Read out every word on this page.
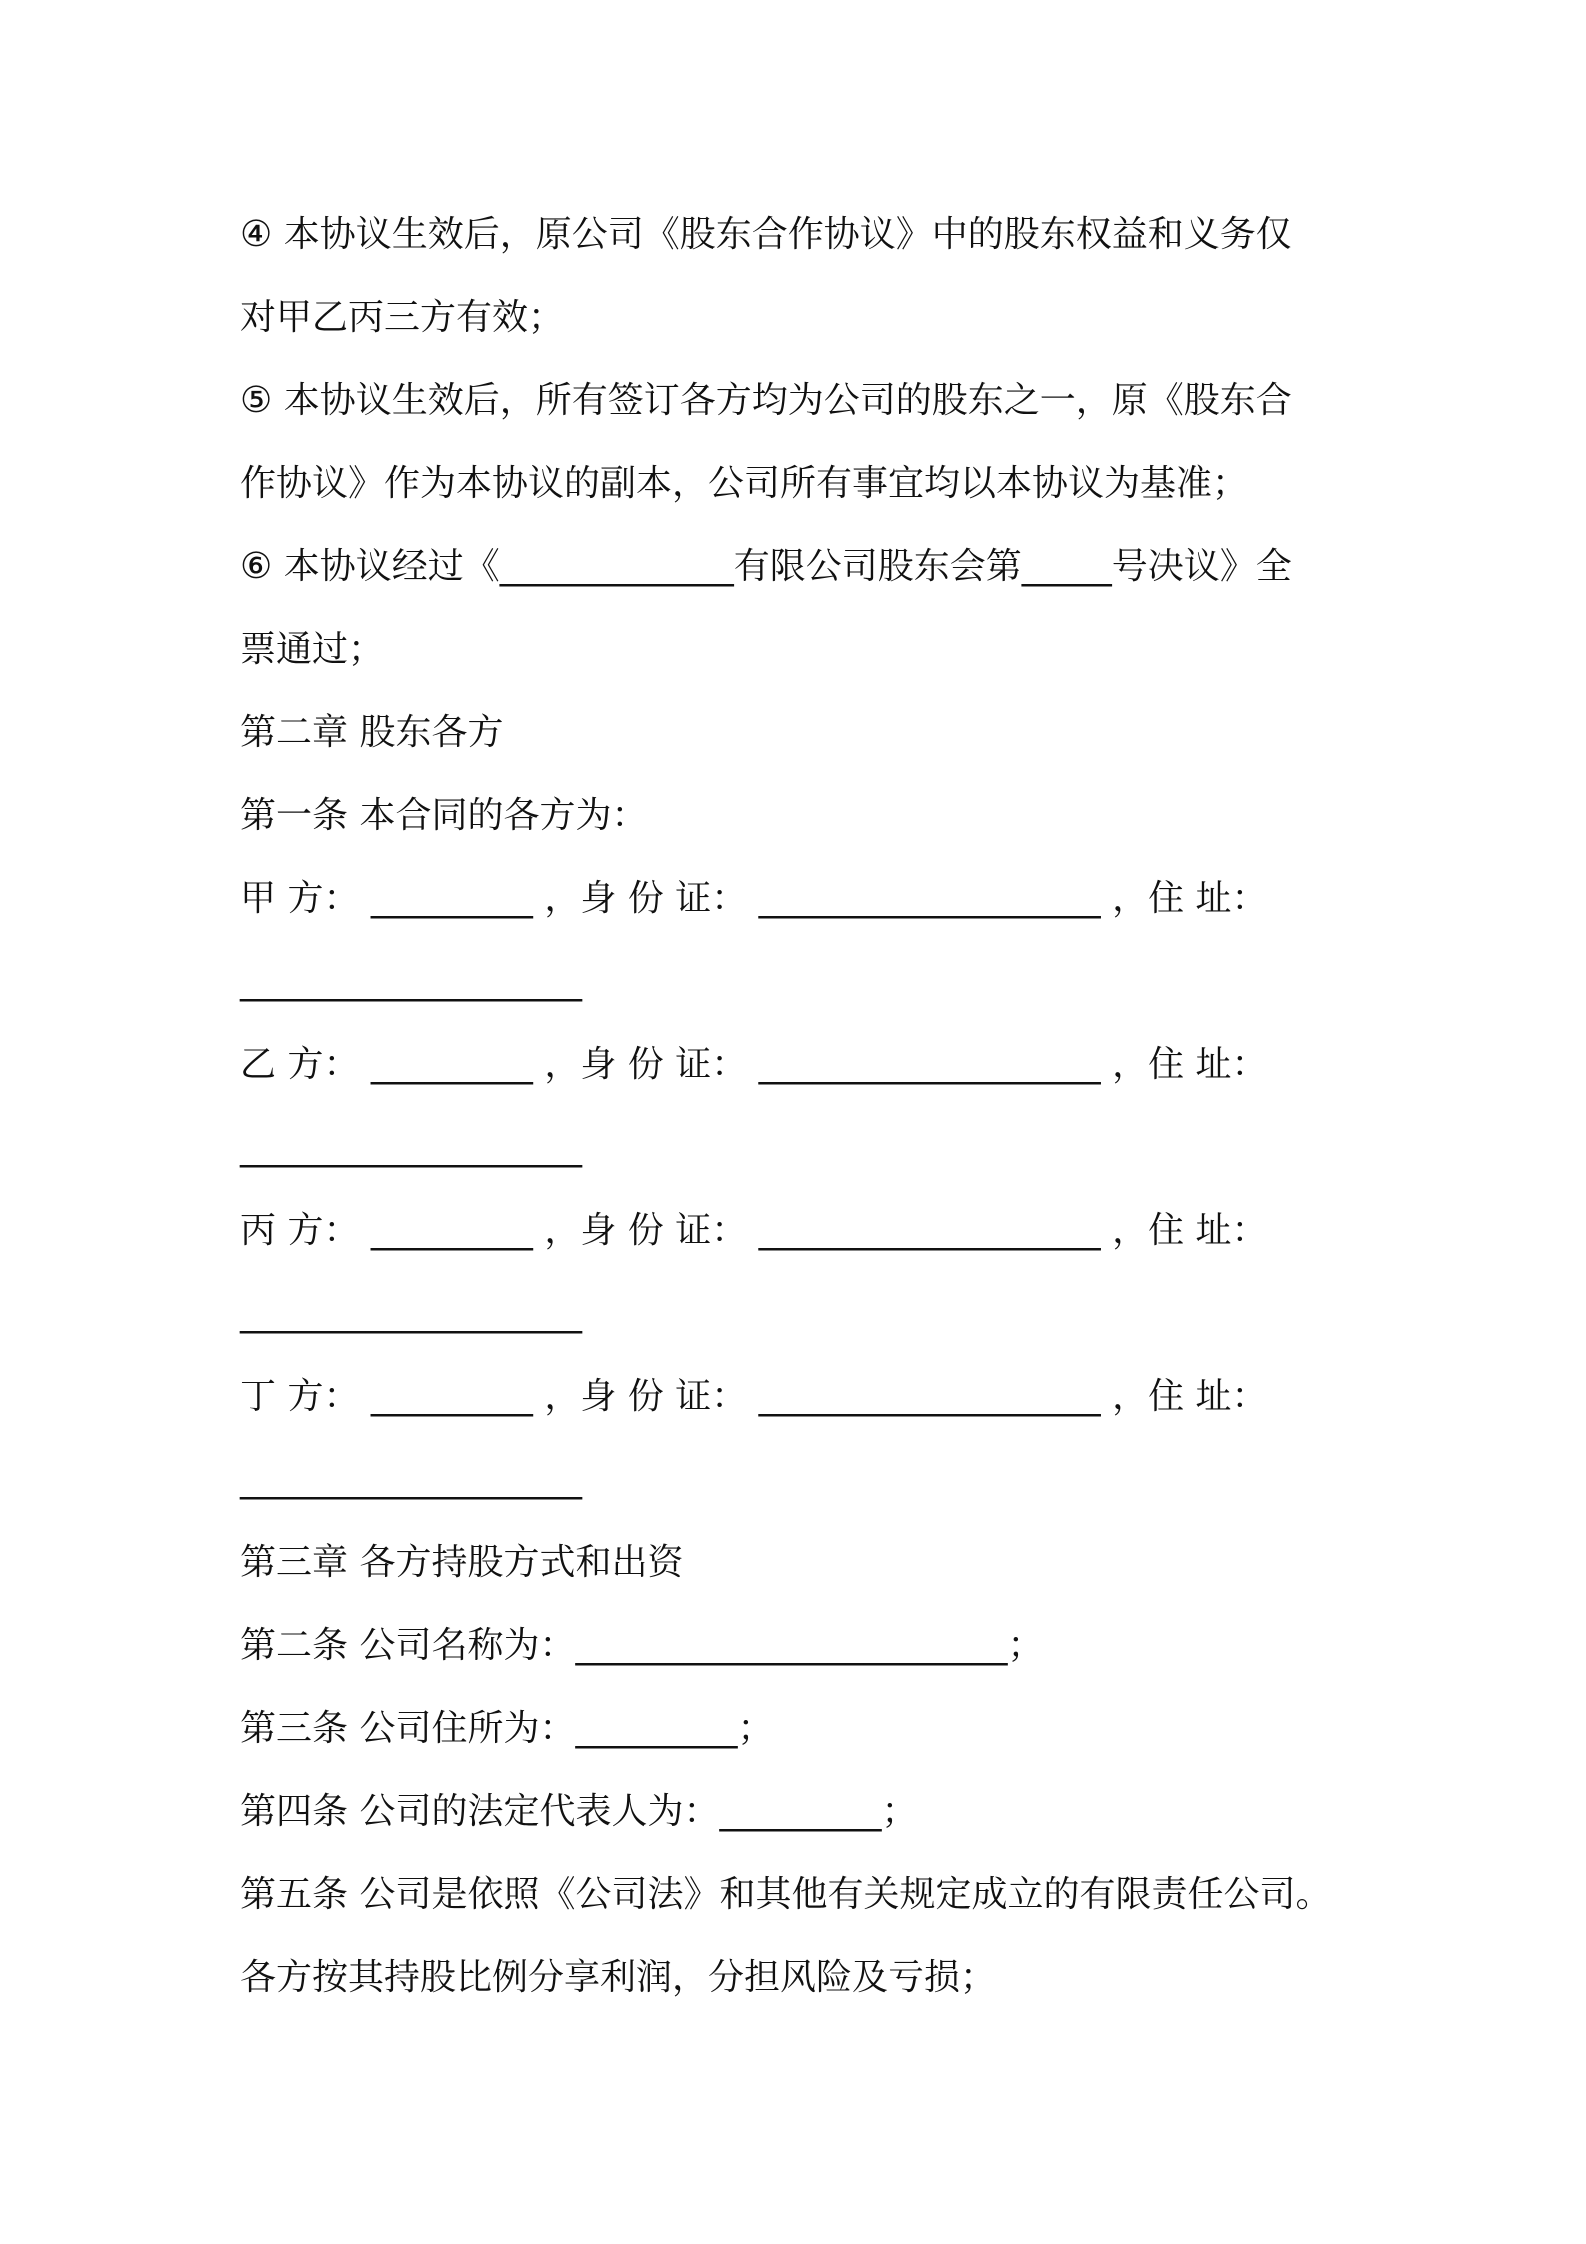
④ 本协议生效后，原公司《股东合作协议》中的股东权益和义务仅
对甲乙丙三方有效；
⑤ 本协议生效后，所有签订各方均为公司的股东之一，原《股东合
作协议》作为本协议的副本，公司所有事宜均以本协议为基准；
⑥ 本协议经过《_____________有限公司股东会第_____号决议》全
票通过；
第二章 股东各方
第一条 本合同的各方为：
甲 方： _________ ，身 份 证： ___________________ ，住 址：
___________________
乙 方： _________ ，身 份 证： ___________________ ，住 址：
___________________
丙 方： _________ ，身 份 证： ___________________ ，住 址：
___________________
丁 方： _________ ，身 份 证： ___________________ ，住 址：
___________________
第三章 各方持股方式和出资
第二条 公司名称为：________________________；
第三条 公司住所为：_________；
第四条 公司的法定代表人为：_________；
第五条 公司是依照《公司法》和其他有关规定成立的有限责任公司。
各方按其持股比例分享利润，分担风险及亏损；
